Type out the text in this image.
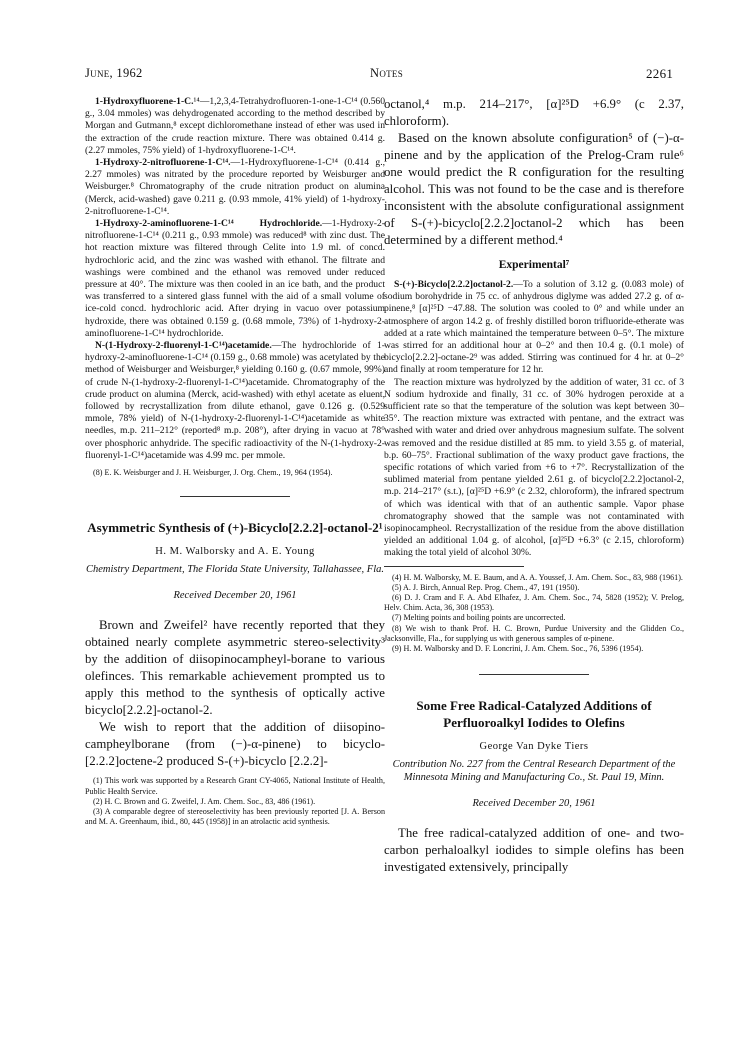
June, 1962	Notes	2261

1-Hydroxyfluorene-1-C.¹⁴—1,2,3,4-Tetrahydrofluoren-1-one-1-C¹⁴ (0.560 g., 3.04 mmoles) was dehydrogenated according to the method described by Morgan and Gutmann,⁸ except dichloromethane instead of ether was used in the extraction of the crude reaction mixture. There was obtained 0.414 g. (2.27 mmoles, 75% yield) of 1-hydroxyfluorene-1-C¹⁴.

1-Hydroxy-2-nitrofluorene-1-C¹⁴.—1-Hydroxyfluorene-1-C¹⁴ (0.414 g., 2.27 mmoles) was nitrated by the procedure reported by Weisburger and Weisburger.⁸ Chromatography of the crude nitration product on alumina (Merck, acid-washed) gave 0.211 g. (0.93 mmole, 41% yield) of 1-hydroxy-2-nitrofluorene-1-C¹⁴.

1-Hydroxy-2-aminofluorene-1-C¹⁴ Hydrochloride.—1-Hydroxy-2-nitrofluorene-1-C¹⁴ (0.211 g., 0.93 mmole) was reduced⁸ with zinc dust. The hot reaction mixture was filtered through Celite into 1.9 ml. of concd. hydrochloric acid, and the zinc was washed with ethanol. The filtrate and washings were combined and the ethanol was removed under reduced pressure at 40°. The mixture was then cooled in an ice bath, and the product was transferred to a sintered glass funnel with the aid of a small volume of ice-cold concd. hydrochloric acid. After drying in vacuo over potassium hydroxide, there was obtained 0.159 g. (0.68 mmole, 73%) of 1-hydroxy-2-aminofluorene-1-C¹⁴ hydrochloride.

N-(1-Hydroxy-2-fluorenyl-1-C¹⁴)acetamide.—The hydrochloride of 1-hydroxy-2-aminofluorene-1-C¹⁴ (0.159 g., 0.68 mmole) was acetylated by the method of Weisburger and Weisburger,⁸ yielding 0.160 g. (0.67 mmole, 99%) of crude N-(1-hydroxy-2-fluorenyl-1-C¹⁴)acetamide. Chromatography of the crude product on alumina (Merck, acid-washed) with ethyl acetate as eluent, followed by recrystallization from dilute ethanol, gave 0.126 g. (0.529 mmole, 78% yield) of N-(1-hydroxy-2-fluorenyl-1-C¹⁴)acetamide as white needles, m.p. 211–212° (reported⁸ m.p. 208°), after drying in vacuo at 78° over phosphoric anhydride. The specific radioactivity of the N-(1-hydroxy-2-fluorenyl-1-C¹⁴)acetamide was 4.99 mc. per mmole.

(8) E. K. Weisburger and J. H. Weisburger, J. Org. Chem., 19, 964 (1954).

Asymmetric Synthesis of (+)-Bicyclo[2.2.2]-octanol-2¹

H. M. Walborsky and A. E. Young

Chemistry Department, The Florida State University, Tallahassee, Fla.

Received December 20, 1961

Brown and Zweifel² have recently reported that they obtained nearly complete asymmetric stereo-selectivity³ by the addition of diisopinocampheyl-borane to various olefinces. This remarkable achievement prompted us to apply this method to the synthesis of optically active bicyclo[2.2.2]-octanol-2.

We wish to report that the addition of diisopino-campheylborane (from (−)-α-pinene) to bicyclo-[2.2.2]octene-2 produced S-(+)-bicyclo [2.2.2]-

(1) This work was supported by a Research Grant CY-4065, National Institute of Health, Public Health Service.

(2) H. C. Brown and G. Zweifel, J. Am. Chem. Soc., 83, 486 (1961).

(3) A comparable degree of stereoselectivity has been previously reported [J. A. Berson and M. A. Greenhaum, ibid., 80, 445 (1958)] in an atrolactic acid synthesis.

octanol,⁴ m.p. 214–217°, [α]²⁵D +6.9° (c 2.37, chloroform).

Based on the known absolute configuration⁵ of (−)-α-pinene and by the application of the Prelog-Cram rule⁶ one would predict the R configuration for the resulting alcohol. This was not found to be the case and is therefore inconsistent with the absolute configurational assignment of S-(+)-bicyclo[2.2.2]octanol-2 which has been determined by a different method.⁴

Experimental⁷

S-(+)-Bicyclo[2.2.2]octanol-2.—To a solution of 3.12 g. (0.083 mole) of sodium borohydride in 75 cc. of anhydrous diglyme was added 27.2 g. of α-pinene,⁸ [α]²⁵D −47.88. The solution was cooled to 0° and while under an atmosphere of argon 14.2 g. of freshly distilled boron trifluoride-etherate was added at a rate which maintained the temperature between 0–5°. The mixture was stirred for an additional hour at 0–2° and then 10.4 g. (0.1 mole) of bicyclo[2.2.2]-octane-2⁹ was added. Stirring was continued for 4 hr. at 0–2° and finally at room temperature for 12 hr.

The reaction mixture was hydrolyzed by the addition of water, 31 cc. of 3 N sodium hydroxide and finally, 31 cc. of 30% hydrogen peroxide at a sufficient rate so that the temperature of the solution was kept between 30–35°. The reaction mixture was extracted with pentane, and the extract was washed with water and dried over anhydrous magnesium sulfate. The solvent was removed and the residue distilled at 85 mm. to yield 3.55 g. of material, b.p. 60–75°. Fractional sublimation of the waxy product gave fractions, the specific rotations of which varied from +6 to +7°. Recrystallization of the sublimed material from pentane yielded 2.61 g. of bicyclo[2.2.2]octanol-2, m.p. 214–217° (s.t.), [α]²⁵D +6.9° (c 2.32, chloroform), the infrared spectrum of which was identical with that of an authentic sample. Vapor phase chromatography showed that the sample was not contaminated with isopinocampheol. Recrystallization of the residue from the above distillation yielded an additional 1.04 g. of alcohol, [α]²⁵D +6.3° (c 2.15, chloroform) making the total yield of alcohol 30%.

(4) H. M. Walborsky, M. E. Baum, and A. A. Youssef, J. Am. Chem. Soc., 83, 988 (1961).

(5) A. J. Birch, Annual Rep. Prog. Chem., 47, 191 (1950).

(6) D. J. Cram and F. A. Abd Elhafez, J. Am. Chem. Soc., 74, 5828 (1952); V. Prelog, Helv. Chim. Acta, 36, 308 (1953).

(7) Melting points and boiling points are uncorrected.

(8) We wish to thank Prof. H. C. Brown, Purdue University and the Glidden Co., Jacksonville, Fla., for supplying us with generous samples of α-pinene.

(9) H. M. Walborsky and D. F. Loncrini, J. Am. Chem. Soc., 76, 5396 (1954).

Some Free Radical-Catalyzed Additions of Perfluoroalkyl Iodides to Olefins

George Van Dyke Tiers

Contribution No. 227 from the Central Research Department of the Minnesota Mining and Manufacturing Co., St. Paul 19, Minn.

Received December 20, 1961

The free radical-catalyzed addition of one- and two-carbon perhaloalkyl iodides to simple olefins has been investigated extensively, principally
